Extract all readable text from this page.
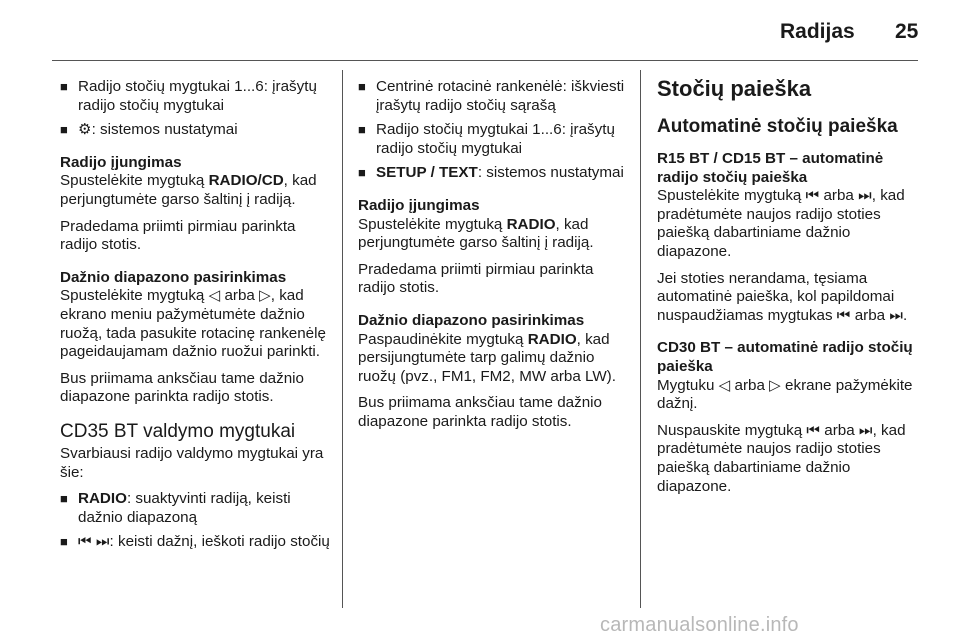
Radijas 25
■ Radijo stočių mygtukai 1...6: įrašytų radijo stočių mygtukai
■ ⚙: sistemos nustatymai

Radijo įjungimas

Spustelėkite mygtuką RADIO/CD, kad perjungtumėte garso šaltinį į radiją.

Pradedama priimti pirmiau parinkta radijo stotis.

Dažnio diapazono pasirinkimas

Spustelėkite mygtuką ◁ arba ▷, kad ekrano meniu pažymėtumėte dažnio ruožą, tada pasukite rotacinę rankenėlę pageidaujamam dažnio ruožui parinkti.

Bus priimama anksčiau tame dažnio diapazone parinkta radijo stotis.

CD35 BT valdymo mygtukai

Svarbiausi radijo valdymo mygtukai yra šie:

■ RADIO: suaktyvinti radiją, keisti dažnio diapazoną
■ ⏮ ⏭: keisti dažnį, ieškoti radijo stočių
■ Centrinė rotacinė rankenėlė: iškviesti įrašytų radijo stočių sąrašą
■ Radijo stočių mygtukai 1...6: įrašytų radijo stočių mygtukai
■ SETUP / TEXT: sistemos nustatymai

Radijo įjungimas

Spustelėkite mygtuką RADIO, kad perjungtumėte garso šaltinį į radiją.

Pradedama priimti pirmiau parinkta radijo stotis.

Dažnio diapazono pasirinkimas

Paspaudinėkite mygtuką RADIO, kad persijungtumėte tarp galimų dažnio ruožų (pvz., FM1, FM2, MW arba LW).

Bus priimama anksčiau tame dažnio diapazone parinkta radijo stotis.

Stočių paieška
Automatinė stočių paieška

R15 BT / CD15 BT – automatinė radijo stočių paieška

Spustelėkite mygtuką ⏮ arba ⏭, kad pradėtumėte naujos radijo stoties paiešką dabartiniame dažnio diapazone.

Jei stoties nerandama, tęsiama automatinė paieška, kol papildomai nuspaudžiamas mygtukas ⏮ arba ⏭.

CD30 BT – automatinė radijo stočių paieška

Mygtuku ◁ arba ▷ ekrane pažymėkite dažnį.

Nuspauskite mygtuką ⏮ arba ⏭, kad pradėtumėte naujos radijo stoties paiešką dabartiniame dažnio diapazone.

carmanualsonline.info
